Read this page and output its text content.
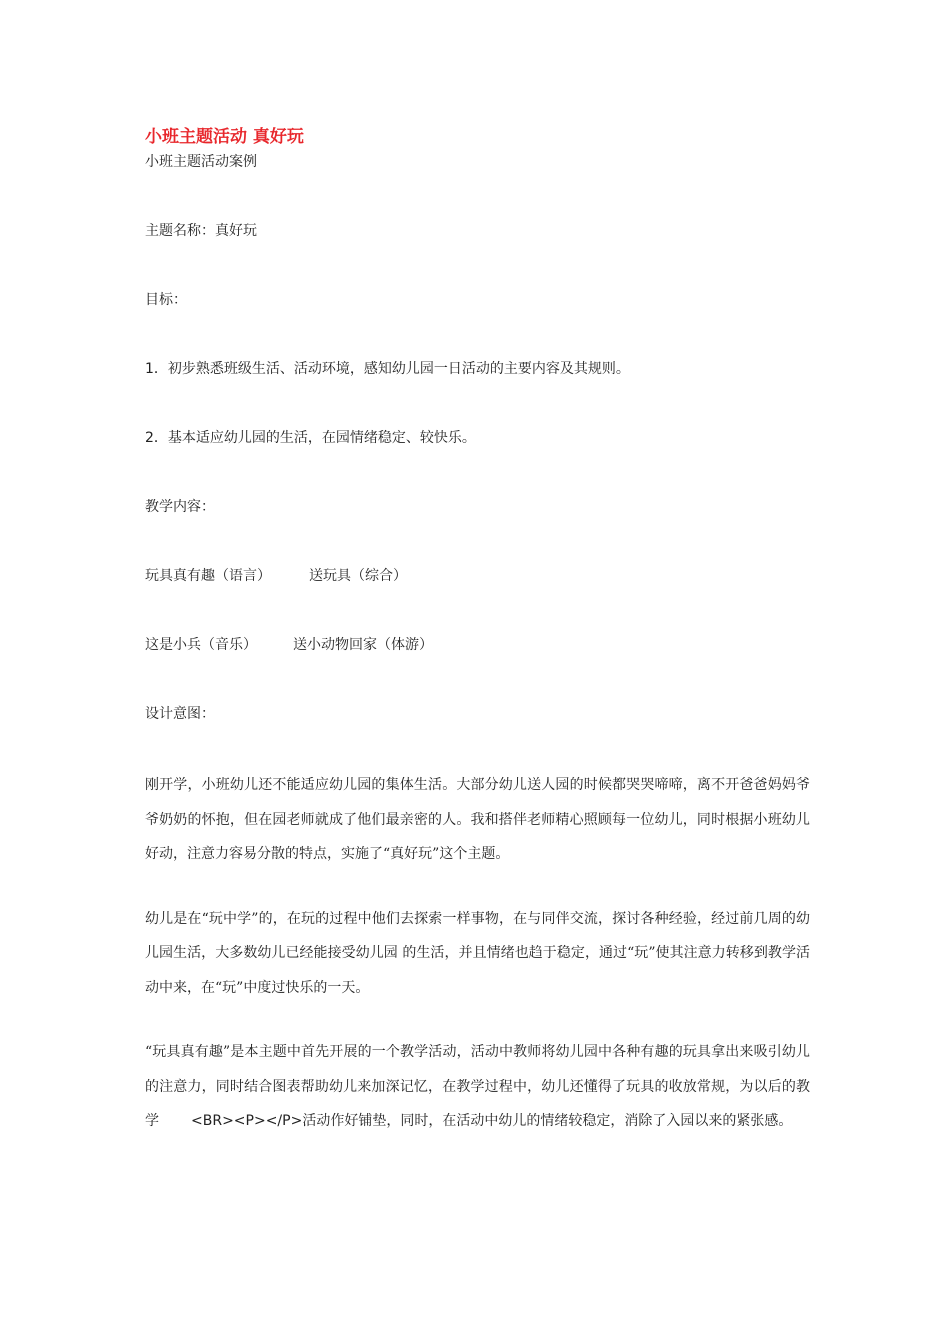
小班主题活动 真好玩

小班主题活动案例

主题名称：真好玩

目标：

1．初步熟悉班级生活、活动环境，感知幼儿园一日活动的主要内容及其规则。

2．基本适应幼儿园的生活，在园情绪稳定、较快乐。

教学内容：

玩具真有趣（语言）	送玩具（综合）

这是小兵（音乐）	送小动物回家（体游）

设计意图：

刚开学，小班幼儿还不能适应幼儿园的集体生活。大部分幼儿送人园的时候都哭哭啼啼，离不开爸爸妈妈爷爷奶奶的怀抱，但在园老师就成了他们最亲密的人。我和搭伴老师精心照顾每一位幼儿，同时根据小班幼儿好动，注意力容易分散的特点，实施了“真好玩”这个主题。

幼儿是在“玩中学”的，在玩的过程中他们去探索一样事物，在与同伴交流，探讨各种经验，经过前几周的幼儿园生活，大多数幼儿已经能接受幼儿园 的生活，并且情绪也趋于稳定，通过“玩”使其注意力转移到教学活动中来，在“玩”中度过快乐的一天。

“玩具真有趣”是本主题中首先开展的一个教学活动，活动中教师将幼儿园中各种有趣的玩具拿出来吸引幼儿的注意力，同时结合图表帮助幼儿来加深记忆，在教学过程中，幼儿还懂得了玩具的收放常规，为以后的教学 <BR><P></P>活动作好铺垫，同时，在活动中幼儿的情绪较稳定，消除了入园以来的紧张感。
